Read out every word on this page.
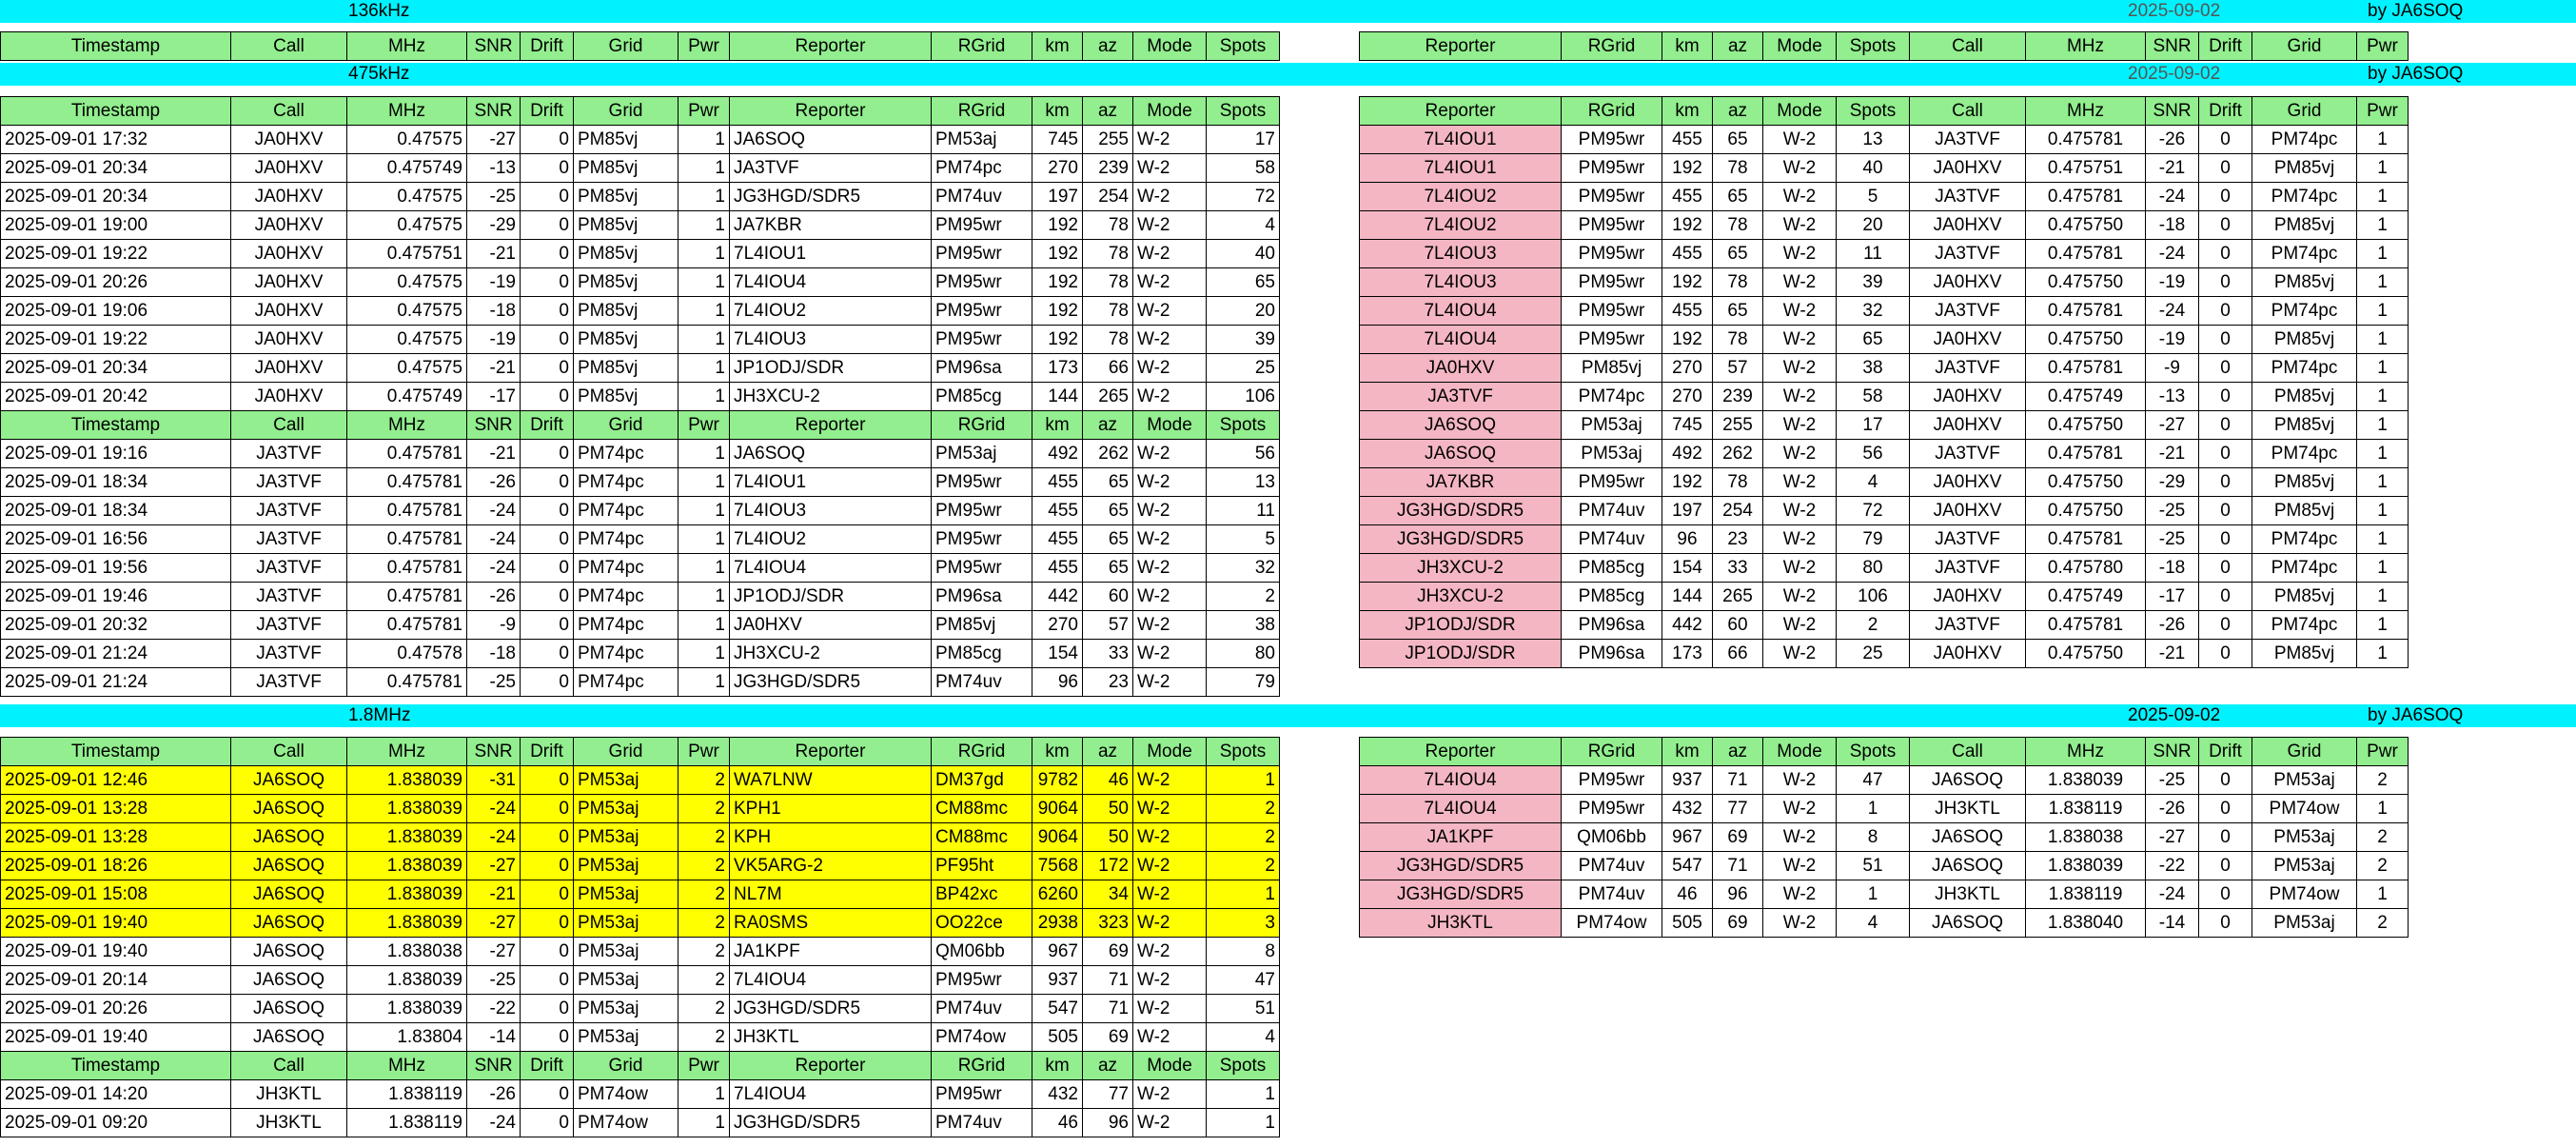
136kHz	2025-09-02	by JA6SOQ
Timestamp	Call	MHz	SNR	Drift	Grid	Pwr	Reporter	RGrid	km	az	Mode	Spots	Reporter	RGrid	km	az	Mode	Spots	Call	MHz	SNR	Drift	Grid	Pwr
475kHz	2025-09-02	by JA6SOQ
Timestamp	Call	MHz	SNR	Drift	Grid	Pwr	Reporter	RGrid	km	az	Mode	Spots
2025-09-01 17:32	JA0HXV	0.47575	-27	0	PM85vj	1	JA6SOQ	PM53aj	745	255	W-2	17
2025-09-01 20:34	JA0HXV	0.475749	-13	0	PM85vj	1	JA3TVF	PM74pc	270	239	W-2	58
2025-09-01 20:34	JA0HXV	0.47575	-25	0	PM85vj	1	JG3HGD/SDR5	PM74uv	197	254	W-2	72
2025-09-01 19:00	JA0HXV	0.47575	-29	0	PM85vj	1	JA7KBR	PM95wr	192	78	W-2	4
2025-09-01 19:22	JA0HXV	0.475751	-21	0	PM85vj	1	7L4IOU1	PM95wr	192	78	W-2	40
2025-09-01 20:26	JA0HXV	0.47575	-19	0	PM85vj	1	7L4IOU4	PM95wr	192	78	W-2	65
2025-09-01 19:06	JA0HXV	0.47575	-18	0	PM85vj	1	7L4IOU2	PM95wr	192	78	W-2	20
2025-09-01 19:22	JA0HXV	0.47575	-19	0	PM85vj	1	7L4IOU3	PM95wr	192	78	W-2	39
2025-09-01 20:34	JA0HXV	0.47575	-21	0	PM85vj	1	JP1ODJ/SDR	PM96sa	173	66	W-2	25
2025-09-01 20:42	JA0HXV	0.475749	-17	0	PM85vj	1	JH3XCU-2	PM85cg	144	265	W-2	106
Timestamp	Call	MHz	SNR	Drift	Grid	Pwr	Reporter	RGrid	km	az	Mode	Spots
2025-09-01 19:16	JA3TVF	0.475781	-21	0	PM74pc	1	JA6SOQ	PM53aj	492	262	W-2	56
2025-09-01 18:34	JA3TVF	0.475781	-26	0	PM74pc	1	7L4IOU1	PM95wr	455	65	W-2	13
2025-09-01 18:34	JA3TVF	0.475781	-24	0	PM74pc	1	7L4IOU3	PM95wr	455	65	W-2	11
2025-09-01 16:56	JA3TVF	0.475781	-24	0	PM74pc	1	7L4IOU2	PM95wr	455	65	W-2	5
2025-09-01 19:56	JA3TVF	0.475781	-24	0	PM74pc	1	7L4IOU4	PM95wr	455	65	W-2	32
2025-09-01 19:46	JA3TVF	0.475781	-26	0	PM74pc	1	JP1ODJ/SDR	PM96sa	442	60	W-2	2
2025-09-01 20:32	JA3TVF	0.475781	-9	0	PM74pc	1	JA0HXV	PM85vj	270	57	W-2	38
2025-09-01 21:24	JA3TVF	0.47578	-18	0	PM74pc	1	JH3XCU-2	PM85cg	154	33	W-2	80
2025-09-01 21:24	JA3TVF	0.475781	-25	0	PM74pc	1	JG3HGD/SDR5	PM74uv	96	23	W-2	79
Reporter	RGrid	km	az	Mode	Spots	Call	MHz	SNR	Drift	Grid	Pwr
7L4IOU1	PM95wr	455	65	W-2	13	JA3TVF	0.475781	-26	0	PM74pc	1
7L4IOU1	PM95wr	192	78	W-2	40	JA0HXV	0.475751	-21	0	PM85vj	1
7L4IOU2	PM95wr	455	65	W-2	5	JA3TVF	0.475781	-24	0	PM74pc	1
7L4IOU2	PM95wr	192	78	W-2	20	JA0HXV	0.475750	-18	0	PM85vj	1
7L4IOU3	PM95wr	455	65	W-2	11	JA3TVF	0.475781	-24	0	PM74pc	1
7L4IOU3	PM95wr	192	78	W-2	39	JA0HXV	0.475750	-19	0	PM85vj	1
7L4IOU4	PM95wr	455	65	W-2	32	JA3TVF	0.475781	-24	0	PM74pc	1
7L4IOU4	PM95wr	192	78	W-2	65	JA0HXV	0.475750	-19	0	PM85vj	1
JA0HXV	PM85vj	270	57	W-2	38	JA3TVF	0.475781	-9	0	PM74pc	1
JA3TVF	PM74pc	270	239	W-2	58	JA0HXV	0.475749	-13	0	PM85vj	1
JA6SOQ	PM53aj	745	255	W-2	17	JA0HXV	0.475750	-27	0	PM85vj	1
JA6SOQ	PM53aj	492	262	W-2	56	JA3TVF	0.475781	-21	0	PM74pc	1
JA7KBR	PM95wr	192	78	W-2	4	JA0HXV	0.475750	-29	0	PM85vj	1
JG3HGD/SDR5	PM74uv	197	254	W-2	72	JA0HXV	0.475750	-25	0	PM85vj	1
JG3HGD/SDR5	PM74uv	96	23	W-2	79	JA3TVF	0.475781	-25	0	PM74pc	1
JH3XCU-2	PM85cg	154	33	W-2	80	JA3TVF	0.475780	-18	0	PM74pc	1
JH3XCU-2	PM85cg	144	265	W-2	106	JA0HXV	0.475749	-17	0	PM85vj	1
JP1ODJ/SDR	PM96sa	442	60	W-2	2	JA3TVF	0.475781	-26	0	PM74pc	1
JP1ODJ/SDR	PM96sa	173	66	W-2	25	JA0HXV	0.475750	-21	0	PM85vj	1
1.8MHz	2025-09-02	by JA6SOQ
Timestamp	Call	MHz	SNR	Drift	Grid	Pwr	Reporter	RGrid	km	az	Mode	Spots
2025-09-01 12:46	JA6SOQ	1.838039	-31	0	PM53aj	2	WA7LNW	DM37gd	9782	46	W-2	1
2025-09-01 13:28	JA6SOQ	1.838039	-24	0	PM53aj	2	KPH1	CM88mc	9064	50	W-2	2
2025-09-01 13:28	JA6SOQ	1.838039	-24	0	PM53aj	2	KPH	CM88mc	9064	50	W-2	2
2025-09-01 18:26	JA6SOQ	1.838039	-27	0	PM53aj	2	VK5ARG-2	PF95ht	7568	172	W-2	2
2025-09-01 15:08	JA6SOQ	1.838039	-21	0	PM53aj	2	NL7M	BP42xc	6260	34	W-2	1
2025-09-01 19:40	JA6SOQ	1.838039	-27	0	PM53aj	2	RA0SMS	OO22ce	2938	323	W-2	3
2025-09-01 19:40	JA6SOQ	1.838038	-27	0	PM53aj	2	JA1KPF	QM06bb	967	69	W-2	8
2025-09-01 20:14	JA6SOQ	1.838039	-25	0	PM53aj	2	7L4IOU4	PM95wr	937	71	W-2	47
2025-09-01 20:26	JA6SOQ	1.838039	-22	0	PM53aj	2	JG3HGD/SDR5	PM74uv	547	71	W-2	51
2025-09-01 19:40	JA6SOQ	1.83804	-14	0	PM53aj	2	JH3KTL	PM74ow	505	69	W-2	4
Timestamp	Call	MHz	SNR	Drift	Grid	Pwr	Reporter	RGrid	km	az	Mode	Spots
2025-09-01 14:20	JH3KTL	1.838119	-26	0	PM74ow	1	7L4IOU4	PM95wr	432	77	W-2	1
2025-09-01 09:20	JH3KTL	1.838119	-24	0	PM74ow	1	JG3HGD/SDR5	PM74uv	46	96	W-2	1
Reporter	RGrid	km	az	Mode	Spots	Call	MHz	SNR	Drift	Grid	Pwr
7L4IOU4	PM95wr	937	71	W-2	47	JA6SOQ	1.838039	-25	0	PM53aj	2
7L4IOU4	PM95wr	432	77	W-2	1	JH3KTL	1.838119	-26	0	PM74ow	1
JA1KPF	QM06bb	967	69	W-2	8	JA6SOQ	1.838038	-27	0	PM53aj	2
JG3HGD/SDR5	PM74uv	547	71	W-2	51	JA6SOQ	1.838039	-22	0	PM53aj	2
JG3HGD/SDR5	PM74uv	46	96	W-2	1	JH3KTL	1.838119	-24	0	PM74ow	1
JH3KTL	PM74ow	505	69	W-2	4	JA6SOQ	1.838040	-14	0	PM53aj	2
